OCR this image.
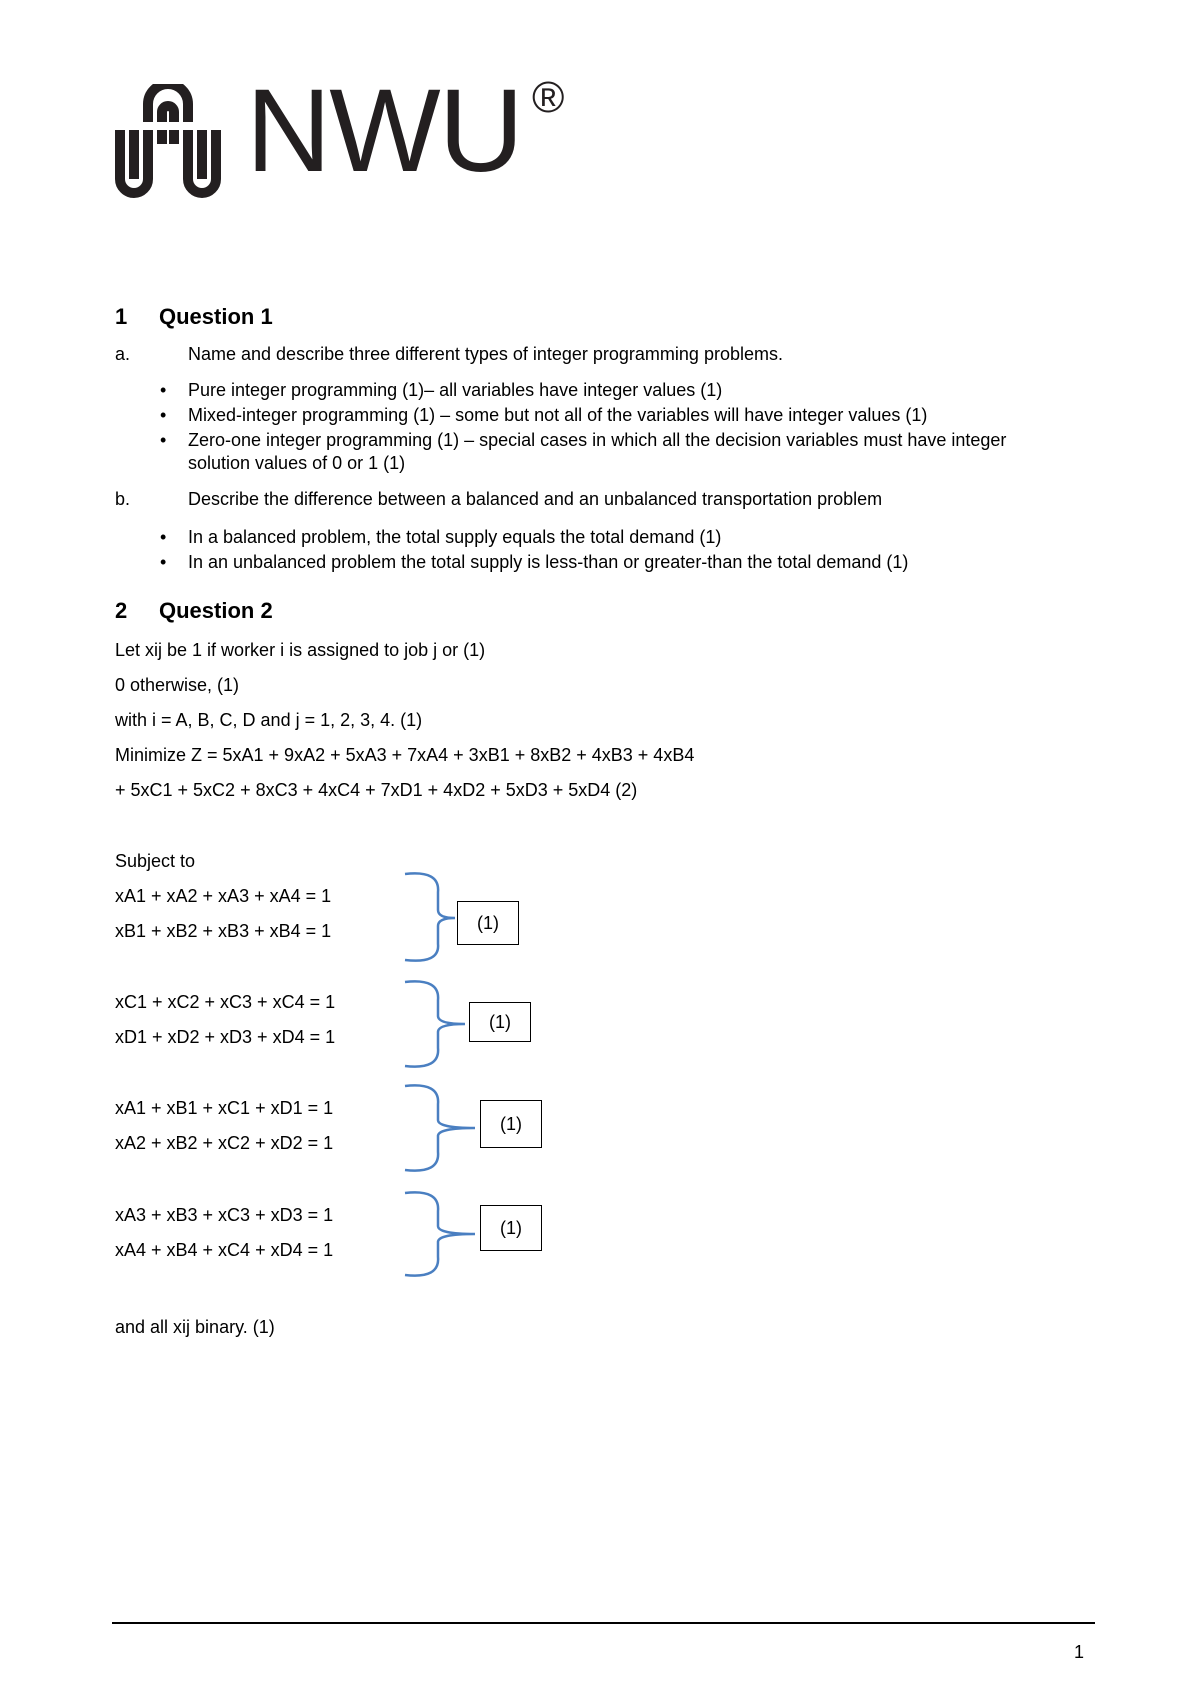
NWU ®
1 Question 1
a.	Name and describe three different types of integer programming problems.
• Pure integer programming (1)– all variables have integer values (1)
• Mixed-integer programming (1) – some but not all of the variables will have integer values (1)
• Zero-one integer programming (1) – special cases in which all the decision variables must have integer
solution values of 0 or 1 (1)
b.	Describe the difference between a balanced and an unbalanced transportation problem
• In a balanced problem, the total supply equals the total demand (1)
• In an unbalanced problem the total supply is less-than or greater-than the total demand (1)
2 Question 2
Let xij be 1 if worker i is assigned to job j or (1)
0 otherwise, (1)
with i = A, B, C, D and j = 1, 2, 3, 4. (1)
Minimize Z = 5xA1 + 9xA2 + 5xA3 + 7xA4 + 3xB1 + 8xB2 + 4xB3 + 4xB4
+ 5xC1 + 5xC2 + 8xC3 + 4xC4 + 7xD1 + 4xD2 + 5xD3 + 5xD4 (2)
Subject to
xA1 + xA2 + xA3 + xA4 = 1
xB1 + xB2 + xB3 + xB4 = 1
xC1 + xC2 + xC3 + xC4 = 1
xD1 + xD2 + xD3 + xD4 = 1
xA1 + xB1 + xC1 + xD1 = 1
xA2 + xB2 + xC2 + xD2 = 1
xA3 + xB3 + xC3 + xD3 = 1
xA4 + xB4 + xC4 + xD4 = 1
(1)
(1)
(1)
(1)
and all xij binary. (1)
1
